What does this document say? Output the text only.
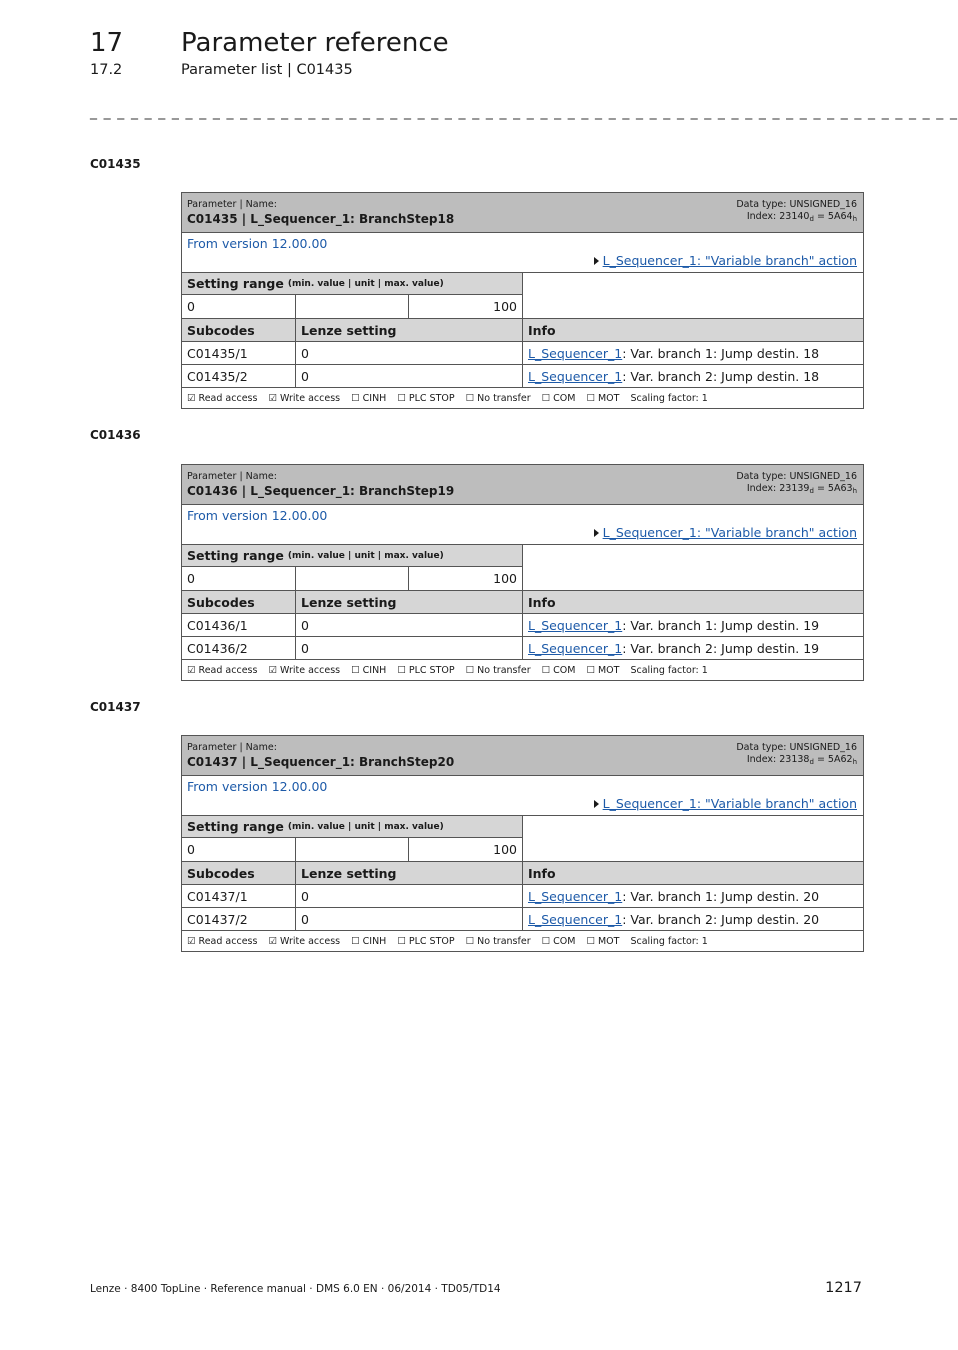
17 Parameter reference
17.2	Parameter list | C01435
_ _ _ _ _ _ _ _ _ _ _ _ _ _ _ _ _ _ _ _ _ _ _ _ _ _ _ _ _ _ _ _ _ _ _ _ _ _ _ _ _ _ _ _ _ _ _ _ _ _ _ _ _ _ _ _ _ _ _ _ _ _ _ _
C01435
Parameter | Name:
C01435 | L_Sequencer_1: BranchStep18
Data type: UNSIGNED_16
Index: $23140_d = 5A64_h$
From version 12.00.00
L_Sequencer_1: "Variable branch" action
Setting range (min. value | unit | max. value)
0	100
Subcodes	Lenze setting	Info
C01435/1	0	L_Sequencer_1 : Var. branch 1: Jump destin. 18
C01435/2	0	L_Sequencer_1 : Var. branch 2: Jump destin. 18
☑ Read access ☑ Write access ☐ CINH ☐ PLC STOP ☐ No transfer ☐ COM ☐ MOT Scaling factor: 1
C01436
Parameter | Name:
C01436 | L_Sequencer_1: BranchStep19
Data type: UNSIGNED_16
Index: $23139_d = 5A63_h$
From version 12.00.00
L_Sequencer_1: "Variable branch" action
Setting range (min. value | unit | max. value)
0	100
Subcodes	Lenze setting	Info
C01436/1	0	L_Sequencer_1 : Var. branch 1: Jump destin. 19
C01436/2	0	L_Sequencer_1 : Var. branch 2: Jump destin. 19
☑ Read access ☑ Write access ☐ CINH ☐ PLC STOP ☐ No transfer ☐ COM ☐ MOT Scaling factor: 1
C01437
Parameter | Name:
C01437 | L_Sequencer_1: BranchStep20
Data type: UNSIGNED_16
Index: $23138_d = 5A62_h$
From version 12.00.00
L_Sequencer_1: "Variable branch" action
Setting range (min. value | unit | max. value)
0	100
Subcodes	Lenze setting	Info
C01437/1	0	L_Sequencer_1 : Var. branch 1: Jump destin. 20
C01437/2	0	L_Sequencer_1 : Var. branch 2: Jump destin. 20
☑ Read access ☑ Write access ☐ CINH ☐ PLC STOP ☐ No transfer ☐ COM ☐ MOT Scaling factor: 1
Lenze · 8400 TopLine · Reference manual · DMS 6.0 EN · 06/2014 · TD05/TD14	1217
